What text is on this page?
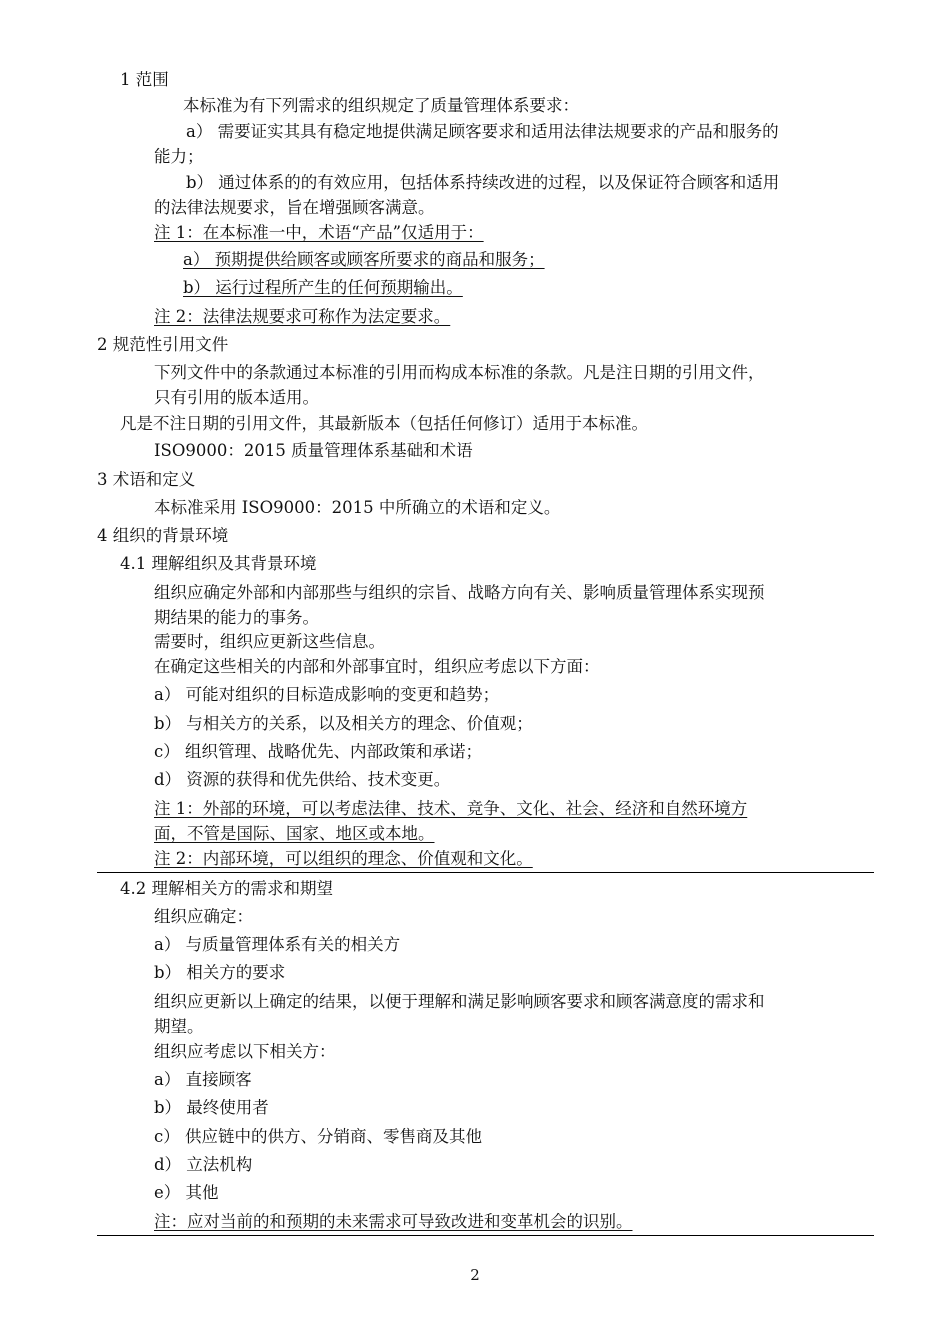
1 范围
本标准为有下列需求的组织规定了质量管理体系要求：
a） 需要证实其具有稳定地提供满足顾客要求和适用法律法规要求的产品和服务的
能力；
b） 通过体系的的有效应用，包括体系持续改进的过程，以及保证符合顾客和适用
的法律法规要求，旨在增强顾客满意。
注 1：在本标准一中，术语“产品”仅适用于：
a） 预期提供给顾客或顾客所要求的商品和服务；
b） 运行过程所产生的任何预期输出。
注 2：法律法规要求可称作为法定要求。
2 规范性引用文件
下列文件中的条款通过本标准的引用而构成本标准的条款。凡是注日期的引用文件，
只有引用的版本适用。
凡是不注日期的引用文件，其最新版本（包括任何修订）适用于本标准。
ISO9000：2015 质量管理体系基础和术语
3 术语和定义
本标准采用 ISO9000：2015 中所确立的术语和定义。
4 组织的背景环境
4.1 理解组织及其背景环境
组织应确定外部和内部那些与组织的宗旨、战略方向有关、影响质量管理体系实现预
期结果的能力的事务。
需要时，组织应更新这些信息。
在确定这些相关的内部和外部事宜时，组织应考虑以下方面：
a） 可能对组织的目标造成影响的变更和趋势；
b） 与相关方的关系，以及相关方的理念、价值观；
c） 组织管理、战略优先、内部政策和承诺；
d） 资源的获得和优先供给、技术变更。
注 1：外部的环境，可以考虑法律、技术、竞争、文化、社会、经济和自然环境方
面，不管是国际、国家、地区或本地。
注 2：内部环境，可以组织的理念、价值观和文化。
4.2 理解相关方的需求和期望
组织应确定：
a） 与质量管理体系有关的相关方
b） 相关方的要求
组织应更新以上确定的结果，以便于理解和满足影响顾客要求和顾客满意度的需求和
期望。
组织应考虑以下相关方：
a） 直接顾客
b） 最终使用者
c） 供应链中的供方、分销商、零售商及其他
d） 立法机构
e） 其他
注：应对当前的和预期的未来需求可导致改进和变革机会的识别。
2
